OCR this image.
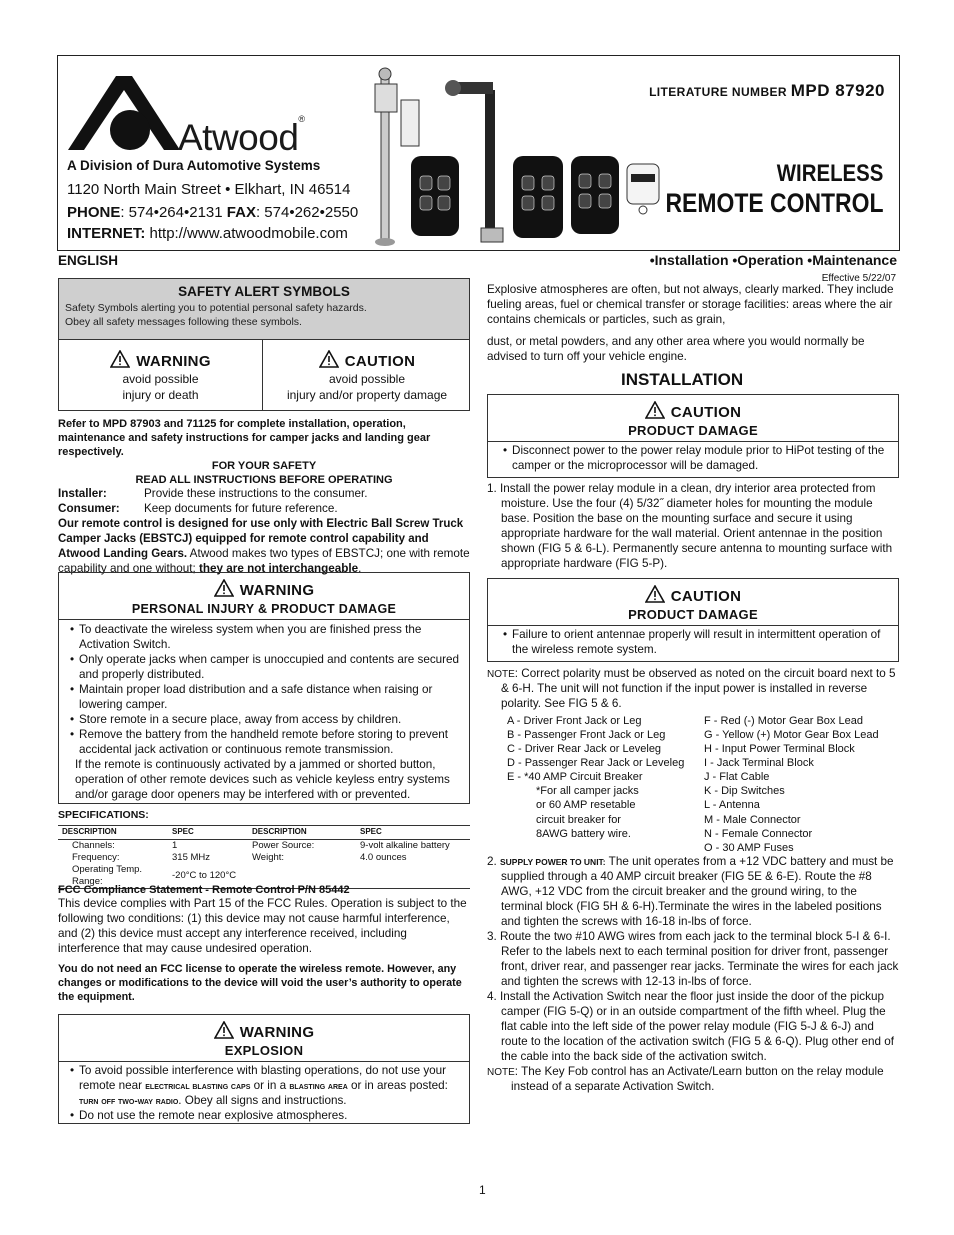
Atwood®
A Division of Dura Automotive Systems
1120 North Main Street • Elkhart, IN 46514
PHONE: 574•264•2131 FAX: 574•262•2550
INTERNET: http://www.atwoodmobile.com
LITERATURE NUMBER MPD 87920
WIRELESS
REMOTE CONTROL
ENGLISH	•Installation •Operation •Maintenance
Effective 5/22/07
SAFETY ALERT SYMBOLS
Safety Symbols alerting you to potential personal safety hazards.
Obey all safety messages following these symbols.
WARNING
avoid possible
injury or death
CAUTION
avoid possible
injury and/or property damage

Refer to MPD 87903 and 71125 for complete installation, operation, maintenance and safety instructions for camper jacks and landing gear respectively.

FOR YOUR SAFETY

READ ALL INSTRUCTIONS BEFORE OPERATING

Installer:	Provide these instructions to the consumer.

Consumer: Keep documents for future reference.

Our remote control is designed for use only with Electric Ball Screw Truck Camper Jacks (EBSTCJ) equipped for remote control capability and Atwood Landing Gears. Atwood makes two types of EBSTCJ; one with remote capability and one without; they are not interchangeable.

WARNING
PERSONAL INJURY & PRODUCT DAMAGE
• To deactivate the wireless system when you are finished press the Activation Switch.
• Only operate jacks when camper is unoccupied and contents are secured and properly distributed.
• Maintain proper load distribution and a safe distance when raising or lowering camper.
• Store remote in a secure place, away from access by children.
• Remove the battery from the handheld remote before storing to prevent accidental jack activation or continuous remote transmission.

If the remote is continuously activated by a jammed or shorted button, operation of other remote devices such as vehicle keyless entry systems and/or garage door openers may be interfered with or prevented.

SPECIFICATIONS:
DESCRIPTION	SPEC	DESCRIPTION	SPEC
Channels:	1	Power Source:	9-volt alkaline battery
Frequency:	315 MHz	Weight:	4.0 ounces
Operating Temp. Range:	-20°C to 120°C		

FCC Compliance Statement - Remote Control P/N 85442

This device complies with Part 15 of the FCC Rules. Operation is subject to the following two conditions: (1) this device may not cause harmful interference, and (2) this device must accept any interference received, including interference that may cause undesired operation.

You do not need an FCC license to operate the wireless remote. However, any changes or modifications to the device will void the user’s authority to operate the equipment.

WARNING
EXPLOSION
• To avoid possible interference with blasting operations, do not use your remote near electrical blasting caps or in a blasting area or in areas posted: turn off two-way radio. Obey all signs and instructions.
• Do not use the remote near explosive atmospheres.

Explosive atmospheres are often, but not always, clearly marked. They include fueling areas, fuel or chemical transfer or storage facilities: areas where the air contains chemicals or particles, such as grain,

dust, or metal powders, and any other area where you would normally be advised to turn off your vehicle engine.

INSTALLATION
CAUTION
PRODUCT DAMAGE
• Disconnect power to the power relay module prior to HiPot testing of the camper or the microprocessor will be damaged.

1. Install the power relay module in a clean, dry interior area protected from moisture. Use the four (4) 5/32˝ diameter holes for mounting the module base. Position the base on the mounting surface and secure it using appropriate hardware for the wall material. Orient antennae in the position shown (FIG 5 & 6-L). Permanently secure antenna to mounting surface with appropriate hardware (FIG 5-P).

CAUTION
PRODUCT DAMAGE
• Failure to orient antennae properly will result in intermittent operation of the wireless remote system.

NOTE: Correct polarity must be observed as noted on the circuit board next to 5 & 6-H. The unit will not function if the input power is installed in reverse polarity. See FIG 5 & 6.

A - Driver Front Jack or Leg
B - Passenger Front Jack or Leg
C - Driver Rear Jack or Leveleg
D - Passenger Rear Jack or Leveleg
E - *40 AMP Circuit Breaker
*For all camper jacks
or 60 AMP resetable
circuit breaker for
8AWG battery wire.
F - Red (-) Motor Gear Box Lead
G - Yellow (+) Motor Gear Box Lead
H - Input Power Terminal Block
I - Jack Terminal Block
J - Flat Cable
K - Dip Switches
L - Antenna
M - Male Connector
N - Female Connector
O - 30 AMP Fuses

2. SUPPLY POWER TO UNIT: The unit operates from a +12 VDC battery and must be supplied through a 40 AMP circuit breaker (FIG 5E & 6-E). Route the #8 AWG, +12 VDC from the circuit breaker and the ground wiring, to the terminal block (FIG 5H & 6-H).Terminate the wires in the labeled positions and tighten the screws with 16-18 in-lbs of force.

3. Route the two #10 AWG wires from each jack to the terminal block 5-I & 6-I. Refer to the labels next to each terminal position for driver front, passenger front, driver rear, and passenger rear jacks. Terminate the wires for each jack and tighten the screws with 12-13 in-lbs of force.

4. Install the Activation Switch near the floor just inside the door of the pickup camper (FIG 5-Q) or in an outside compartment of the fifth wheel. Plug the flat cable into the left side of the power relay module (FIG 5-J & 6-J) and route to the location of the activation switch (FIG 5 & 6-Q). Plug other end of the cable into the back side of the activation switch.

NOTE: The Key Fob control has an Activate/Learn button on the relay module instead of a separate Activation Switch.

1
